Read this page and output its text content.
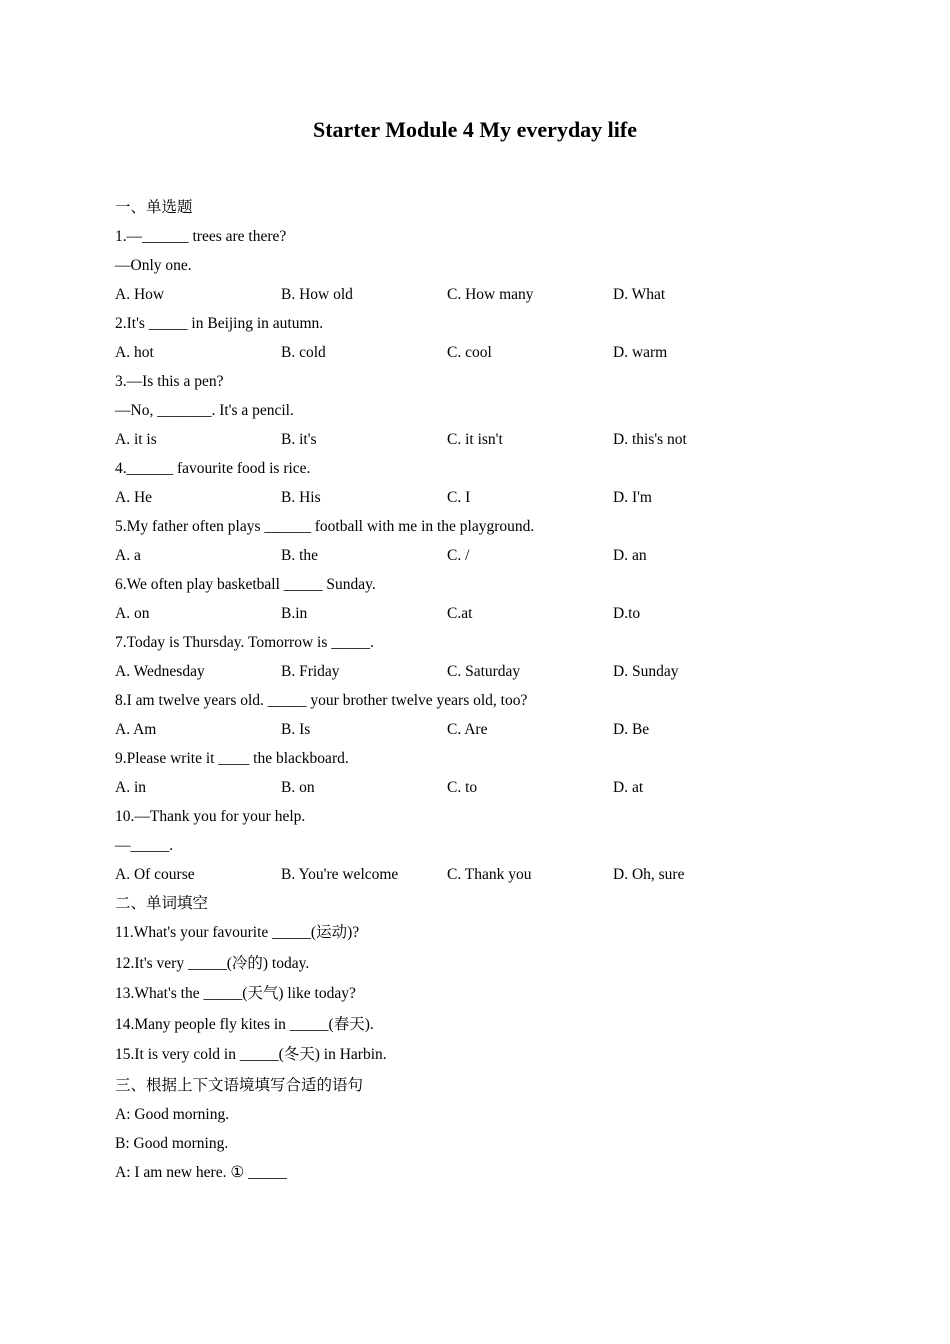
Starter Module 4 My everyday life
一、单选题
1.—______ trees are there?
—Only one.
A. How	B. How old	C. How many	D. What
2.It's _____ in Beijing in autumn.
A. hot	B. cold	C. cool	D. warm
3.—Is this a pen?
—No, _______. It's a pencil.
A. it is	B. it's	C. it isn't	D. this's not
4.______ favourite food is rice.
A. He	B. His	C. I	D. I'm
5.My father often plays ______ football with me in the playground.
A. a	B. the	C. /	D. an
6.We often play basketball _____ Sunday.
A. on	B.in	C.at	D.to
7.Today is Thursday. Tomorrow is _____.
A. Wednesday	B. Friday	C. Saturday	D. Sunday
8.I am twelve years old. _____ your brother twelve years old, too?
A. Am	B. Is	C. Are	D. Be
9.Please write it ____ the blackboard.
A. in	B. on	C. to	D. at
10.—Thank you for your help.
—_____.
A. Of course	B. You're welcome	C. Thank you	D. Oh, sure
二、单词填空
11.What's your favourite _____(运动)?
12.It's very _____(冷的) today.
13.What's the _____(天气) like today?
14.Many people fly kites in _____(春天).
15.It is very cold in _____(冬天) in Harbin.
三、根据上下文语境填写合适的语句
A: Good morning.
B: Good morning.
A: I am new here. ① _____
